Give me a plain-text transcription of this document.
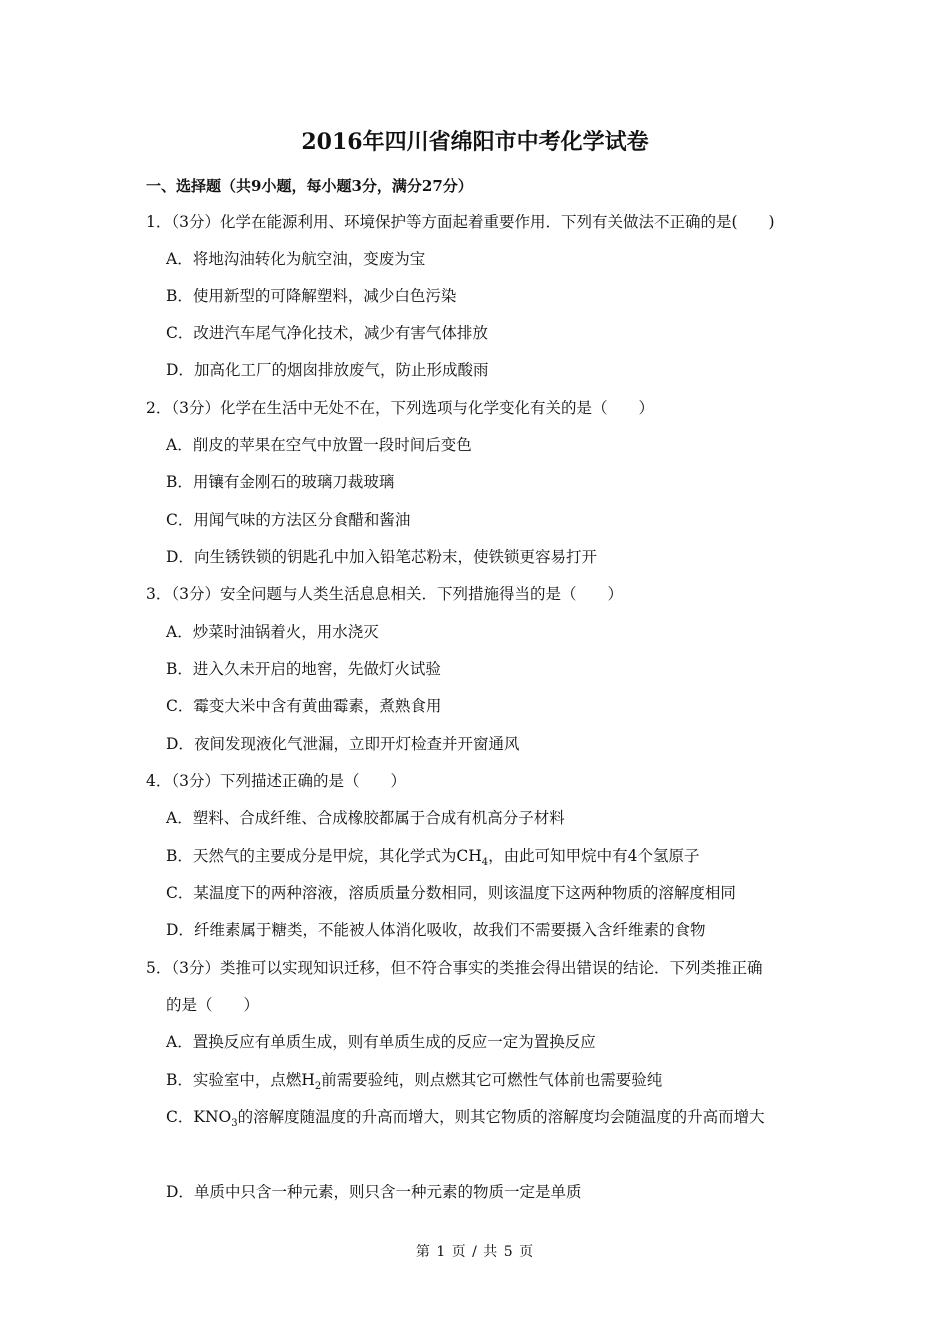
2016年四川省绵阳市中考化学试卷
一、选择题（共9小题，每小题3分，满分27分）
1．（3分）化学在能源利用、环境保护等方面起着重要作用．下列有关做法不正确的是(　　)
A．将地沟油转化为航空油，变废为宝
B．使用新型的可降解塑料，减少白色污染
C．改进汽车尾气净化技术，减少有害气体排放
D．加高化工厂的烟囱排放废气，防止形成酸雨
2．（3分）化学在生活中无处不在，下列选项与化学变化有关的是（　　）
A．削皮的苹果在空气中放置一段时间后变色
B．用镶有金刚石的玻璃刀裁玻璃
C．用闻气味的方法区分食醋和酱油
D．向生锈铁锁的钥匙孔中加入铅笔芯粉末，使铁锁更容易打开
3．（3分）安全问题与人类生活息息相关．下列措施得当的是（　　）
A．炒菜时油锅着火，用水浇灭
B．进入久未开启的地窖，先做灯火试验
C．霉变大米中含有黄曲霉素，煮熟食用
D．夜间发现液化气泄漏，立即开灯检查并开窗通风
4．（3分）下列描述正确的是（　　）
A．塑料、合成纤维、合成橡胶都属于合成有机高分子材料
B．天然气的主要成分是甲烷，其化学式为$CH_4$，由此可知甲烷中有4个氢原子
C．某温度下的两种溶液，溶质质量分数相同，则该温度下这两种物质的溶解度相同
D．纤维素属于糖类，不能被人体消化吸收，故我们不需要摄入含纤维素的食物
5．（3分）类推可以实现知识迁移，但不符合事实的类推会得出错误的结论．下列类推正确
的是（　　）
A．置换反应有单质生成，则有单质生成的反应一定为置换反应
B．实验室中，点燃$H_2$前需要验纯，则点燃其它可燃性气体前也需要验纯
C．$KNO_3$的溶解度随温度的升高而增大，则其它物质的溶解度均会随温度的升高而增大
D．单质中只含一种元素，则只含一种元素的物质一定是单质
第 1 页 / 共 5 页
